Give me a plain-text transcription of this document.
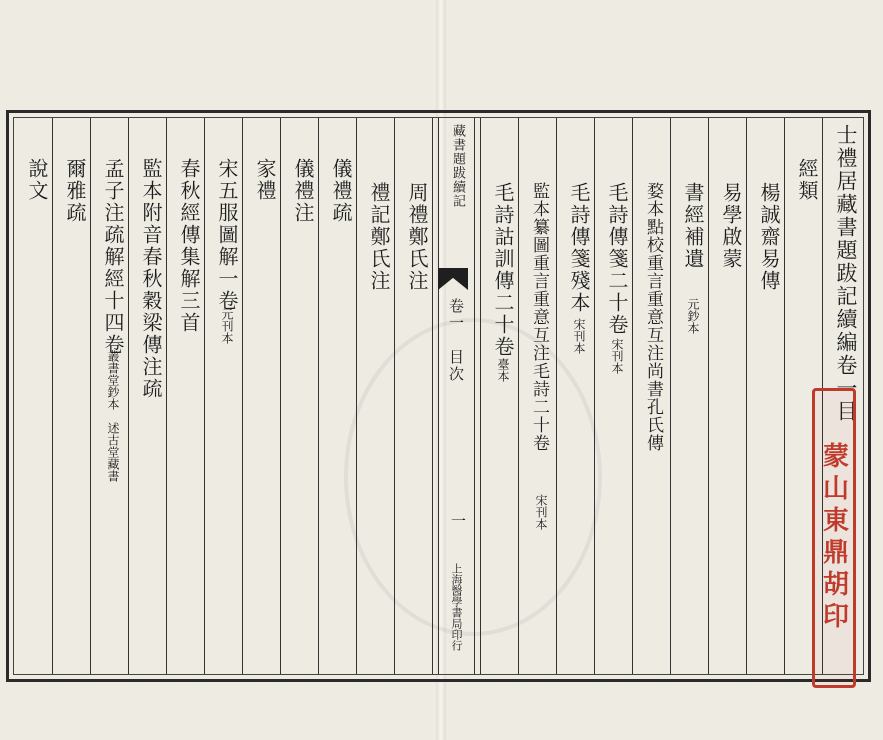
藏書題跋續記
卷一　目次
一
上海醫學書局印行
士禮居藏書題跋記續編卷一目
經類
楊誠齋易傳
易學啟蒙
書經補遺
元鈔本
婺本點校重言重意互注尚書孔氏傳
毛詩傳箋二十卷
宋刊本
毛詩傳箋殘本
宋刊本
監本纂圖重言重意互注毛詩二十卷
宋刊本
毛詩詁訓傳二十卷
臺本
周禮鄭氏注
禮記鄭氏注
儀禮疏
儀禮注
家禮
宋五服圖解一卷
元刊本
春秋經傳集解三首
監本附音春秋穀梁傳注疏
孟子注疏解經十四卷
叢書堂鈔本　述古堂藏書
爾雅疏
說文
蒙山東鼎胡印
